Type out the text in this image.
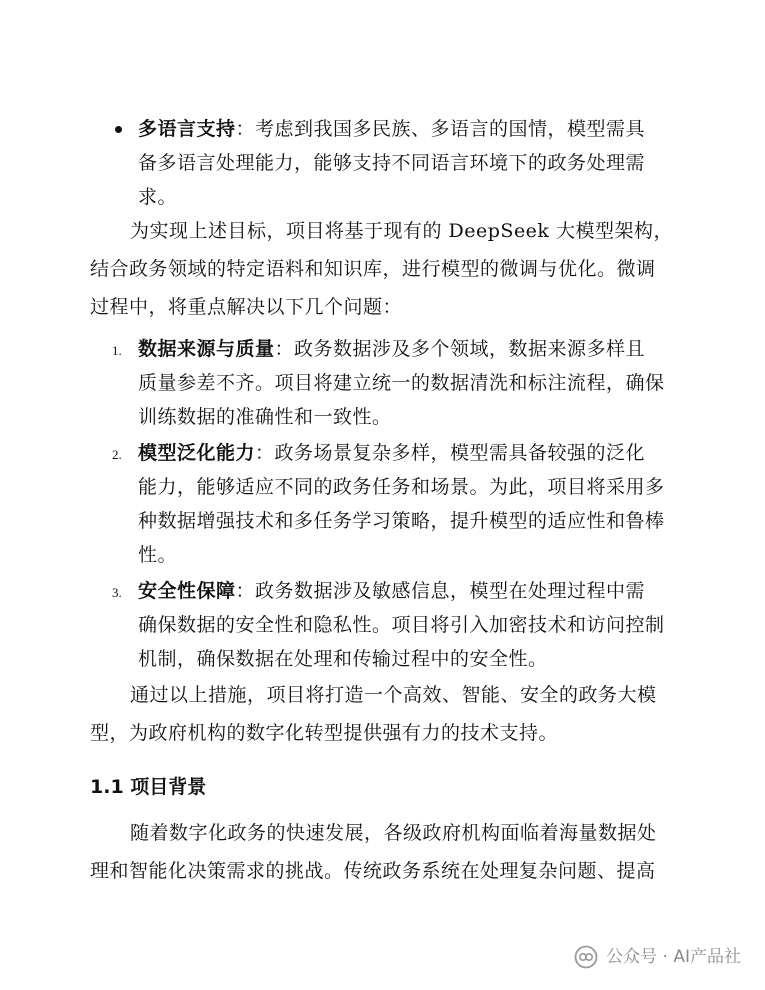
多语言支持：考虑到我国多民族、多语言的国情，模型需具
备多语言处理能力，能够支持不同语言环境下的政务处理需
求。
为实现上述目标，项目将基于现有的 DeepSeek 大模型架构，
结合政务领域的特定语料和知识库，进行模型的微调与优化。微调
过程中，将重点解决以下几个问题：
1. 数据来源与质量：政务数据涉及多个领域，数据来源多样且
质量参差不齐。项目将建立统一的数据清洗和标注流程，确保
训练数据的准确性和一致性。
2. 模型泛化能力：政务场景复杂多样，模型需具备较强的泛化
能力，能够适应不同的政务任务和场景。为此，项目将采用多
种数据增强技术和多任务学习策略，提升模型的适应性和鲁棒
性。
3. 安全性保障：政务数据涉及敏感信息，模型在处理过程中需
确保数据的安全性和隐私性。项目将引入加密技术和访问控制
机制，确保数据在处理和传输过程中的安全性。
通过以上措施，项目将打造一个高效、智能、安全的政务大模
型，为政府机构的数字化转型提供强有力的技术支持。
1.1 项目背景
随着数字化政务的快速发展，各级政府机构面临着海量数据处
理和智能化决策需求的挑战。传统政务系统在处理复杂问题、提高
公众号 · AI产品社
